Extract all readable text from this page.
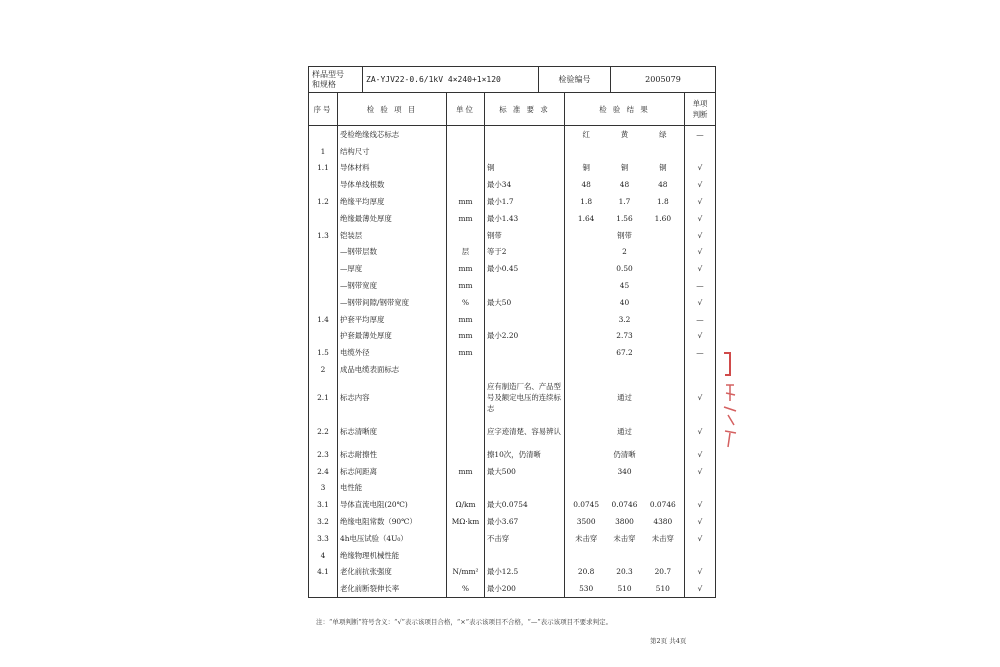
样品型号
和规格	ZA-YJV22-0.6/1kV 4×240+1×120	检验编号	2005079
序号	检 验 项 目	单位	标 准 要 求	检 验 结 果	单项
判断
	受检绝缘线芯标志			红 黄 绿	—
1	结构尺寸				
1.1	导体材料		铜	铜 铜 铜	√
	导体单线根数		最小34	48 48 48	√
1.2	绝缘平均厚度	mm	最小1.7	1.8 1.7 1.8	√
	绝缘最薄处厚度	mm	最小1.43	1.64 1.56 1.60	√
1.3	铠装层		钢带	钢带	√
	—钢带层数	层	等于2	2	√
	—厚度	mm	最小0.45	0.50	√
	—钢带宽度	mm		45	—
	—钢带间隙/钢带宽度	%	最大50	40	√
1.4	护套平均厚度	mm		3.2	—
	护套最薄处厚度	mm	最小2.20	2.73	√
1.5	电缆外径	mm		67.2	—
2	成品电缆表面标志				
2.1	标志内容		应有制造厂名、产品型号及额定电压的连续标志	通过	√
2.2	标志清晰度		应字迹清楚、容易辨认	通过	√
2.3	标志耐擦性		擦10次，仍清晰	仍清晰	√
2.4	标志间距离	mm	最大500	340	√
3	电性能				
3.1	导体直流电阻(20℃)	Ω/km	最大0.0754	0.0745 0.0746 0.0746	√
3.2	绝缘电阻常数（90℃）	MΩ·km	最小3.67	3500 3800 4380	√
3.3	4h电压试验（4U₀）		不击穿	未击穿 未击穿 未击穿	√
4	绝缘物理机械性能				
4.1	老化前抗张强度	N/mm²	最小12.5	20.8 20.3 20.7	√
	老化前断裂伸长率	%	最小200	530 510 510	√
注：“单项判断”符号含义：“√”表示该项目合格，“×”表示该项目不合格，“—”表示该项目不要求判定。
第2页 共4页
